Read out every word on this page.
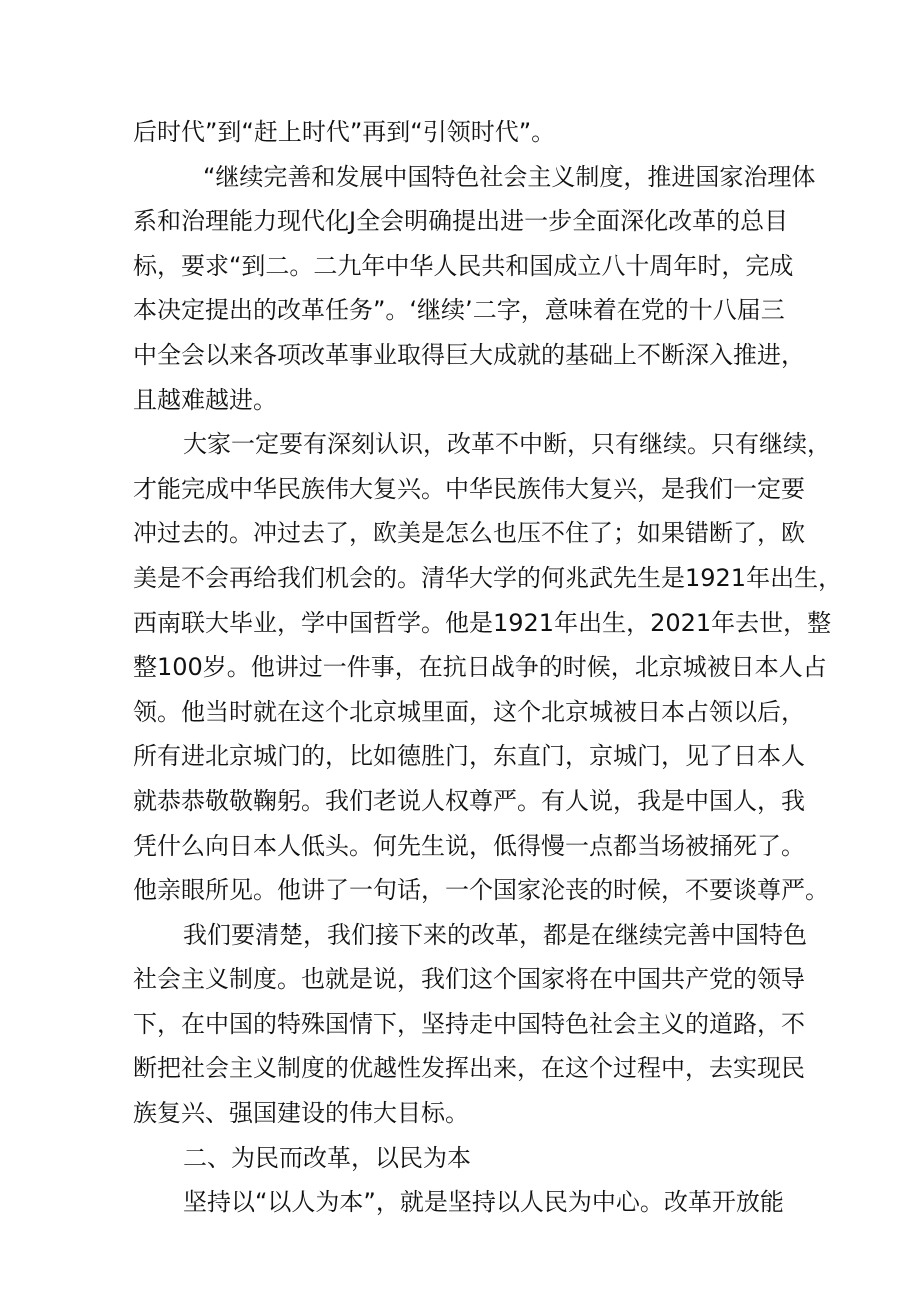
后时代”到“赶上时代”再到“引领时代”。
“继续完善和发展中国特色社会主义制度，推进国家治理体
系和治理能力现代化J全会明确提出进一步全面深化改革的总目
标，要求“到二。二九年中华人民共和国成立八十周年时，完成
本决定提出的改革任务”。‘继续’二字，意味着在党的十八届三
中全会以来各项改革事业取得巨大成就的基础上不断深入推进，
且越难越进。
大家一定要有深刻认识，改革不中断，只有继续。只有继续，
才能完成中华民族伟大复兴。中华民族伟大复兴，是我们一定要
冲过去的。冲过去了，欧美是怎么也压不住了；如果错断了，欧
美是不会再给我们机会的。清华大学的何兆武先生是1921年出生，
西南联大毕业，学中国哲学。他是1921年出生，2021年去世，整
整100岁。他讲过一件事，在抗日战争的时候，北京城被日本人占
领。他当时就在这个北京城里面，这个北京城被日本占领以后，
所有进北京城门的，比如德胜门，东直门，京城门，见了日本人
就恭恭敬敬鞠躬。我们老说人权尊严。有人说，我是中国人，我
凭什么向日本人低头。何先生说，低得慢一点都当场被捅死了。
他亲眼所见。他讲了一句话，一个国家沦丧的时候，不要谈尊严。
我们要清楚，我们接下来的改革，都是在继续完善中国特色
社会主义制度。也就是说，我们这个国家将在中国共产党的领导
下，在中国的特殊国情下，坚持走中国特色社会主义的道路，不
断把社会主义制度的优越性发挥出来，在这个过程中，去实现民
族复兴、强国建设的伟大目标。
二、为民而改革，以民为本
坚持以“以人为本”，就是坚持以人民为中心。改革开放能
